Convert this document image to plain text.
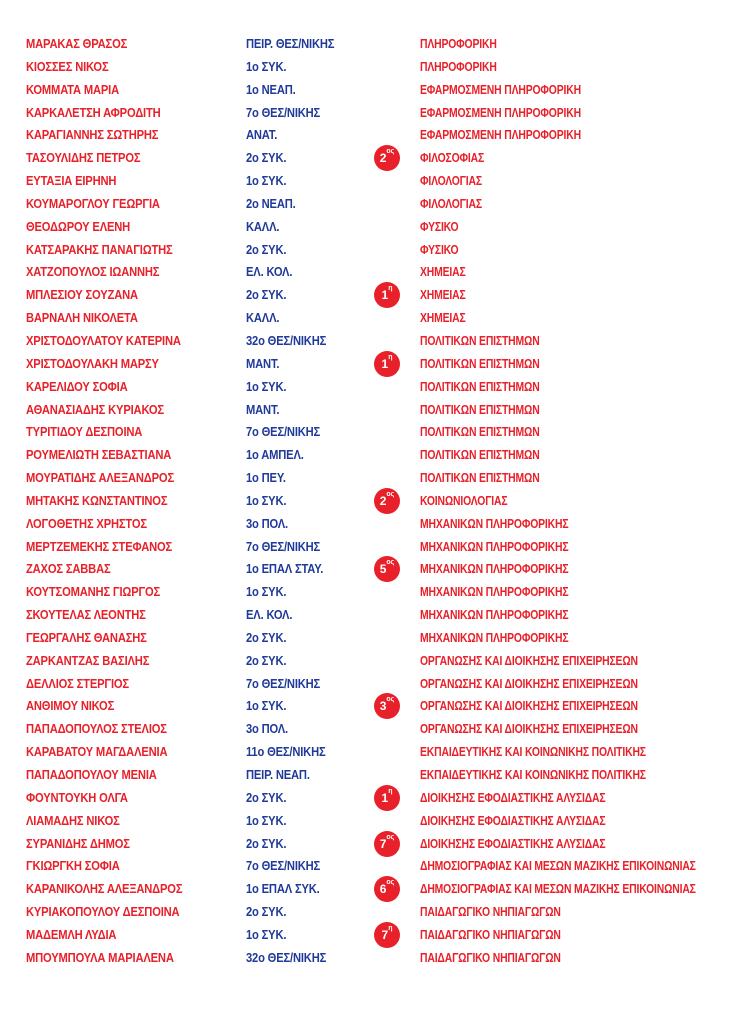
ΜΑΡΑΚΑΣ ΘΡΑΣΟΣ	ΠΕΙΡ. ΘΕΣ/ΝΙΚΗΣ	ΠΛΗΡΟΦΟΡΙΚΗ
ΚΙΟΣΣΕΣ ΝΙΚΟΣ	1ο ΣΥΚ.	ΠΛΗΡΟΦΟΡΙΚΗ
ΚΟΜΜΑΤΑ ΜΑΡΙΑ	1ο ΝΕΑΠ.	ΕΦΑΡΜΟΣΜΕΝΗ ΠΛΗΡΟΦΟΡΙΚΗ
ΚΑΡΚΑΛΕΤΣΗ ΑΦΡΟΔΙΤΗ	7ο ΘΕΣ/ΝΙΚΗΣ	ΕΦΑΡΜΟΣΜΕΝΗ ΠΛΗΡΟΦΟΡΙΚΗ
ΚΑΡΑΓΙΑΝΝΗΣ ΣΩΤΗΡΗΣ	ΑΝΑΤ.	ΕΦΑΡΜΟΣΜΕΝΗ ΠΛΗΡΟΦΟΡΙΚΗ
ΤΑΣΟΥΛΙΔΗΣ ΠΕΤΡΟΣ	2ο ΣΥΚ.	$2^{o\varsigma}$	ΦΙΛΟΣΟΦΙΑΣ
ΕΥΤΑΞΙΑ ΕΙΡΗΝΗ	1ο ΣΥΚ.	ΦΙΛΟΛΟΓΙΑΣ
ΚΟΥΜΑΡΟΓΛΟΥ ΓΕΩΡΓΙΑ	2ο ΝΕΑΠ.	ΦΙΛΟΛΟΓΙΑΣ
ΘΕΟΔΩΡΟΥ ΕΛΕΝΗ	ΚΑΛΛ.	ΦΥΣΙΚΟ
ΚΑΤΣΑΡΑΚΗΣ ΠΑΝΑΓΙΩΤΗΣ	2ο ΣΥΚ.	ΦΥΣΙΚΟ
ΧΑΤΖΟΠΟΥΛΟΣ ΙΩΑΝΝΗΣ	ΕΛ. ΚΟΛ.	ΧΗΜΕΙΑΣ
ΜΠΛΕΣΙΟΥ ΣΟΥΖΑΝΑ	2ο ΣΥΚ.	$1^\eta$	ΧΗΜΕΙΑΣ
ΒΑΡΝΑΛΗ ΝΙΚΟΛΕΤΑ	ΚΑΛΛ.	ΧΗΜΕΙΑΣ
ΧΡΙΣΤΟΔΟΥΛΑΤΟΥ ΚΑΤΕΡΙΝΑ	32ο ΘΕΣ/ΝΙΚΗΣ	ΠΟΛΙΤΙΚΩΝ ΕΠΙΣΤΗΜΩΝ
ΧΡΙΣΤΟΔΟΥΛΑΚΗ ΜΑΡΣΥ	ΜΑΝΤ.	$1^\eta$	ΠΟΛΙΤΙΚΩΝ ΕΠΙΣΤΗΜΩΝ
ΚΑΡΕΛΙΔΟΥ ΣΟΦΙΑ	1ο ΣΥΚ.	ΠΟΛΙΤΙΚΩΝ ΕΠΙΣΤΗΜΩΝ
ΑΘΑΝΑΣΙΑΔΗΣ ΚΥΡΙΑΚΟΣ	ΜΑΝΤ.	ΠΟΛΙΤΙΚΩΝ ΕΠΙΣΤΗΜΩΝ
ΤΥΡΙΤΙΔΟΥ ΔΕΣΠΟΙΝΑ	7ο ΘΕΣ/ΝΙΚΗΣ	ΠΟΛΙΤΙΚΩΝ ΕΠΙΣΤΗΜΩΝ
ΡΟΥΜΕΛΙΩΤΗ ΣΕΒΑΣΤΙΑΝΑ	1ο ΑΜΠΕΛ.	ΠΟΛΙΤΙΚΩΝ ΕΠΙΣΤΗΜΩΝ
ΜΟΥΡΑΤΙΔΗΣ ΑΛΕΞΑΝΔΡΟΣ	1ο ΠΕΥ.	ΠΟΛΙΤΙΚΩΝ ΕΠΙΣΤΗΜΩΝ
ΜΗΤΑΚΗΣ ΚΩΝΣΤΑΝΤΙΝΟΣ	1ο ΣΥΚ.	$2^{o\varsigma}$	ΚΟΙΝΩΝΙΟΛΟΓΙΑΣ
ΛΟΓΟΘΕΤΗΣ ΧΡΗΣΤΟΣ	3ο ΠΟΛ.	ΜΗΧΑΝΙΚΩΝ ΠΛΗΡΟΦΟΡΙΚΗΣ
ΜΕΡΤΖΕΜΕΚΗΣ ΣΤΕΦΑΝΟΣ	7ο ΘΕΣ/ΝΙΚΗΣ	ΜΗΧΑΝΙΚΩΝ ΠΛΗΡΟΦΟΡΙΚΗΣ
ΖΑΧΟΣ ΣΑΒΒΑΣ	1ο ΕΠΑΛ ΣΤΑΥ.	$5^{o\varsigma}$	ΜΗΧΑΝΙΚΩΝ ΠΛΗΡΟΦΟΡΙΚΗΣ
ΚΟΥΤΣΟΜΑΝΗΣ ΓΙΩΡΓΟΣ	1ο ΣΥΚ.	ΜΗΧΑΝΙΚΩΝ ΠΛΗΡΟΦΟΡΙΚΗΣ
ΣΚΟΥΤΕΛΑΣ ΛΕΟΝΤΗΣ	ΕΛ. ΚΟΛ.	ΜΗΧΑΝΙΚΩΝ ΠΛΗΡΟΦΟΡΙΚΗΣ
ΓΕΩΡΓΑΛΗΣ ΘΑΝΑΣΗΣ	2ο ΣΥΚ.	ΜΗΧΑΝΙΚΩΝ ΠΛΗΡΟΦΟΡΙΚΗΣ
ΖΑΡΚΑΝΤΖΑΣ ΒΑΣΙΛΗΣ	2ο ΣΥΚ.	ΟΡΓΑΝΩΣΗΣ ΚΑΙ ΔΙΟΙΚΗΣΗΣ ΕΠΙΧΕΙΡΗΣΕΩΝ
ΔΕΛΛΙΟΣ ΣΤΕΡΓΙΟΣ	7ο ΘΕΣ/ΝΙΚΗΣ	ΟΡΓΑΝΩΣΗΣ ΚΑΙ ΔΙΟΙΚΗΣΗΣ ΕΠΙΧΕΙΡΗΣΕΩΝ
ΑΝΘΙΜΟΥ ΝΙΚΟΣ	1ο ΣΥΚ.	$3^{o\varsigma}$	ΟΡΓΑΝΩΣΗΣ ΚΑΙ ΔΙΟΙΚΗΣΗΣ ΕΠΙΧΕΙΡΗΣΕΩΝ
ΠΑΠΑΔΟΠΟΥΛΟΣ ΣΤΕΛΙΟΣ	3ο ΠΟΛ.	ΟΡΓΑΝΩΣΗΣ ΚΑΙ ΔΙΟΙΚΗΣΗΣ ΕΠΙΧΕΙΡΗΣΕΩΝ
ΚΑΡΑΒΑΤΟΥ ΜΑΓΔΑΛΕΝΙΑ	11ο ΘΕΣ/ΝΙΚΗΣ	ΕΚΠΑΙΔΕΥΤΙΚΗΣ ΚΑΙ ΚΟΙΝΩΝΙΚΗΣ ΠΟΛΙΤΙΚΗΣ
ΠΑΠΑΔΟΠΟΥΛΟΥ ΜΕΝΙΑ	ΠΕΙΡ. ΝΕΑΠ.	ΕΚΠΑΙΔΕΥΤΙΚΗΣ ΚΑΙ ΚΟΙΝΩΝΙΚΗΣ ΠΟΛΙΤΙΚΗΣ
ΦΟΥΝΤΟΥΚΗ ΟΛΓΑ	2ο ΣΥΚ.	$1^\eta$	ΔΙΟΙΚΗΣΗΣ ΕΦΟΔΙΑΣΤΙΚΗΣ ΑΛΥΣΙΔΑΣ
ΛΙΑΜΑΔΗΣ ΝΙΚΟΣ	1ο ΣΥΚ.	ΔΙΟΙΚΗΣΗΣ ΕΦΟΔΙΑΣΤΙΚΗΣ ΑΛΥΣΙΔΑΣ
ΣΥΡΑΝΙΔΗΣ ΔΗΜΟΣ	2ο ΣΥΚ.	$7^{o\varsigma}$	ΔΙΟΙΚΗΣΗΣ ΕΦΟΔΙΑΣΤΙΚΗΣ ΑΛΥΣΙΔΑΣ
ΓΚΙΩΡΓΚΗ ΣΟΦΙΑ	7ο ΘΕΣ/ΝΙΚΗΣ	ΔΗΜΟΣΙΟΓΡΑΦΙΑΣ ΚΑΙ ΜΕΣΩΝ ΜΑΖΙΚΗΣ ΕΠΙΚΟΙΝΩΝΙΑΣ
ΚΑΡΑΝΙΚΟΛΗΣ ΑΛΕΞΑΝΔΡΟΣ	1ο ΕΠΑΛ ΣΥΚ.	$6^{o\varsigma}$	ΔΗΜΟΣΙΟΓΡΑΦΙΑΣ ΚΑΙ ΜΕΣΩΝ ΜΑΖΙΚΗΣ ΕΠΙΚΟΙΝΩΝΙΑΣ
ΚΥΡΙΑΚΟΠΟΥΛΟΥ ΔΕΣΠΟΙΝΑ	2ο ΣΥΚ.	ΠΑΙΔΑΓΩΓΙΚΟ ΝΗΠΙΑΓΩΓΩΝ
ΜΑΔΕΜΛΗ ΛΥΔΙΑ	1ο ΣΥΚ.	$7^\eta$	ΠΑΙΔΑΓΩΓΙΚΟ ΝΗΠΙΑΓΩΓΩΝ
ΜΠΟΥΜΠΟΥΛΑ ΜΑΡΙΑΛΕΝΑ	32ο ΘΕΣ/ΝΙΚΗΣ	ΠΑΙΔΑΓΩΓΙΚΟ ΝΗΠΙΑΓΩΓΩΝ
